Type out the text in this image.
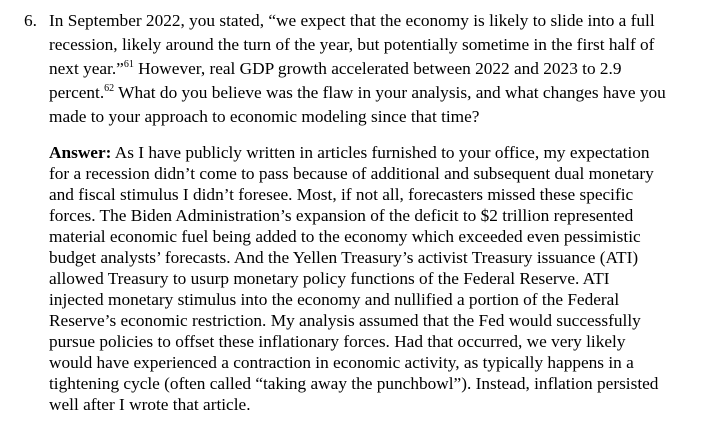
6. In September 2022, you stated, “we expect that the economy is likely to slide into a full
recession, likely around the turn of the year, but potentially sometime in the first half of
next year.”$^{61}$ However, real GDP growth accelerated between 2022 and 2023 to 2.9
percent.$^{62}$ What do you believe was the flaw in your analysis, and what changes have you
made to your approach to economic modeling since that time?
Answer: As I have publicly written in articles furnished to your office, my expectation
for a recession didn’t come to pass because of additional and subsequent dual monetary
and fiscal stimulus I didn’t foresee. Most, if not all, forecasters missed these specific
forces. The Biden Administration’s expansion of the deficit to $2 trillion represented
material economic fuel being added to the economy which exceeded even pessimistic
budget analysts’ forecasts. And the Yellen Treasury’s activist Treasury issuance (ATI)
allowed Treasury to usurp monetary policy functions of the Federal Reserve. ATI
injected monetary stimulus into the economy and nullified a portion of the Federal
Reserve’s economic restriction. My analysis assumed that the Fed would successfully
pursue policies to offset these inflationary forces. Had that occurred, we very likely
would have experienced a contraction in economic activity, as typically happens in a
tightening cycle (often called “taking away the punchbowl”). Instead, inflation persisted
well after I wrote that article.
